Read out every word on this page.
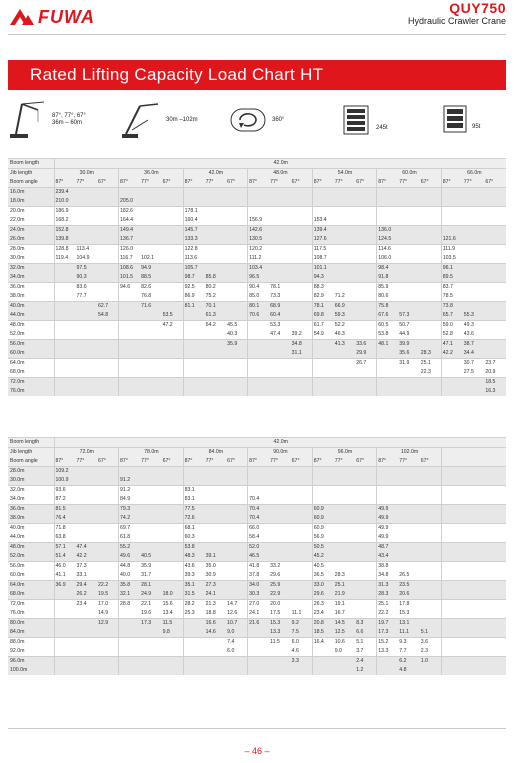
FUWA	QUY750
Hydraulic Crawler Crane
Rated Lifting Capacity Load Chart HT
87°, 77°, 67°
36m – 60m
30m –102m	360°
245t	95t
Boom length	42.0m																				
Jib length	30.0m			36.0m			42.0m			48.0m			54.0m			60.0m			66.0m		
Boom angle	87°	77°	67°	87°	77°	67°	87°	77°	67°	87°	77°	67°	87°	77°	67°	87°	77°	67°	87°	77°	67°
16.0m	239.4																				
18.0m	210.0			205.0																	
20.0m	186.9			182.6			178.1														
22.0m	168.2			164.4			160.4			156.9			153.4								
24.0m	152.8			149.4			145.7			142.6			139.4			136.0					
26.0m	139.8			136.7			133.3			130.5			127.6			124.5			121.6		
28.0m	128.8	113.4		126.0			122.8			120.2			117.5			114.6			111.9		
30.0m	119.4	104.9		116.7	102.1		113.6			111.2			108.7			106.0			103.5		
32.0m		97.5		108.6	94.9		105.7			103.4			101.1			98.4			96.1		
34.0m		90.3		101.5	88.5		98.7	85.8		96.5			94.3			91.8			89.5		
36.0m		83.6		94.6	82.6		92.5	80.2		90.4	78.1		88.3			85.9			83.7		
38.0m		77.7			76.8		86.9	75.2		85.0	73.3		82.9	71.2		80.6			78.5		
40.0m			62.7		71.6		81.1	70.1		80.1	68.9		78.1	66.9		75.8			73.8		
44.0m			54.8			53.5		61.3		70.6	60.4		69.8	59.3		67.6	57.3		65.7	55.3	
48.0m						47.2		54.2	45.5		53.3		61.7	52.2		60.5	50.7		59.0	49.3	
52.0m									40.3		47.4	39.2	54.9	46.3		53.8	44.9		52.8	43.6	
56.0m									35.9			34.8		41.3	33.6	48.1	39.9		47.1	38.7	
60.0m												31.1			29.9		35.6	28.3	42.2	34.4	
64.0m															26.7		31.9	25.1		30.7	23.7
68.0m																		22.3		27.5	20.9
72.0m																					18.5
76.0m																					16.3
Boom length	42.0m																		
Jib length	72.0m			78.0m			84.0m			90.0m			96.0m			102.0m			
Boom angle	87°	77°	67°	87°	77°	67°	87°	77°	67°	87°	77°	67°	87°	77°	67°	87°	77°	67°	
28.0m	109.2																		
30.0m	100.9			91.2															
32.0m	93.6			91.2			83.1												
34.0m	87.2			84.9			83.1			70.4									
36.0m	81.5			79.3			77.5			70.4			60.9			49.9			
38.0m	76.4			74.2			72.6			70.4			60.9			49.9			
40.0m	71.8			69.7			68.1			66.0			60.9			49.9			
44.0m	63.8			61.8			60.3			58.4			56.9			49.9			
48.0m	57.1	47.4		55.2			53.8			52.0			50.5			48.7			
52.0m	51.4	42.2		49.6	40.5		48.3	39.1		46.5			45.2			43.4			
56.0m	46.0	37.3		44.8	35.9		43.6	35.0		41.8	33.2		40.5			38.8			
60.0m	41.1	33.1		40.0	31.7		39.3	30.9		37.8	29.6		36.5	28.3		34.8	26.5		
64.0m	36.9	29.4	22.2	35.8	28.1		35.1	27.3		34.0	25.9		33.0	25.1		31.3	23.5		
68.0m		26.2	19.5	32.1	24.9	18.0	31.5	24.1		30.3	22.9		29.6	21.9		28.3	20.6		
72.0m		23.4	17.0	28.8	22.1	15.6	28.2	21.3	14.7	27.0	20.0		26.3	19.1		25.1	17.8		
76.0m			14.9		19.6	13.4	25.3	18.8	12.6	24.1	17.5	11.1	23.4	16.7		22.2	15.3		
80.0m			12.9		17.3	11.5		16.6	10.7	21.6	15.3	9.2	20.8	14.5	8.3	19.7	13.1		
84.0m						9.8		14.6	9.0		13.3	7.5	18.5	12.5	6.6	17.3	11.1	5.1	
88.0m									7.4		11.5	6.0	16.4	10.6	5.1	15.2	9.3	3.6	
92.0m									6.0			4.6		9.0	3.7	13.3	7.7	2.3	
96.0m												3.3			2.4		6.2	1.0	
100.0m															1.2		4.8		
– 46 –
